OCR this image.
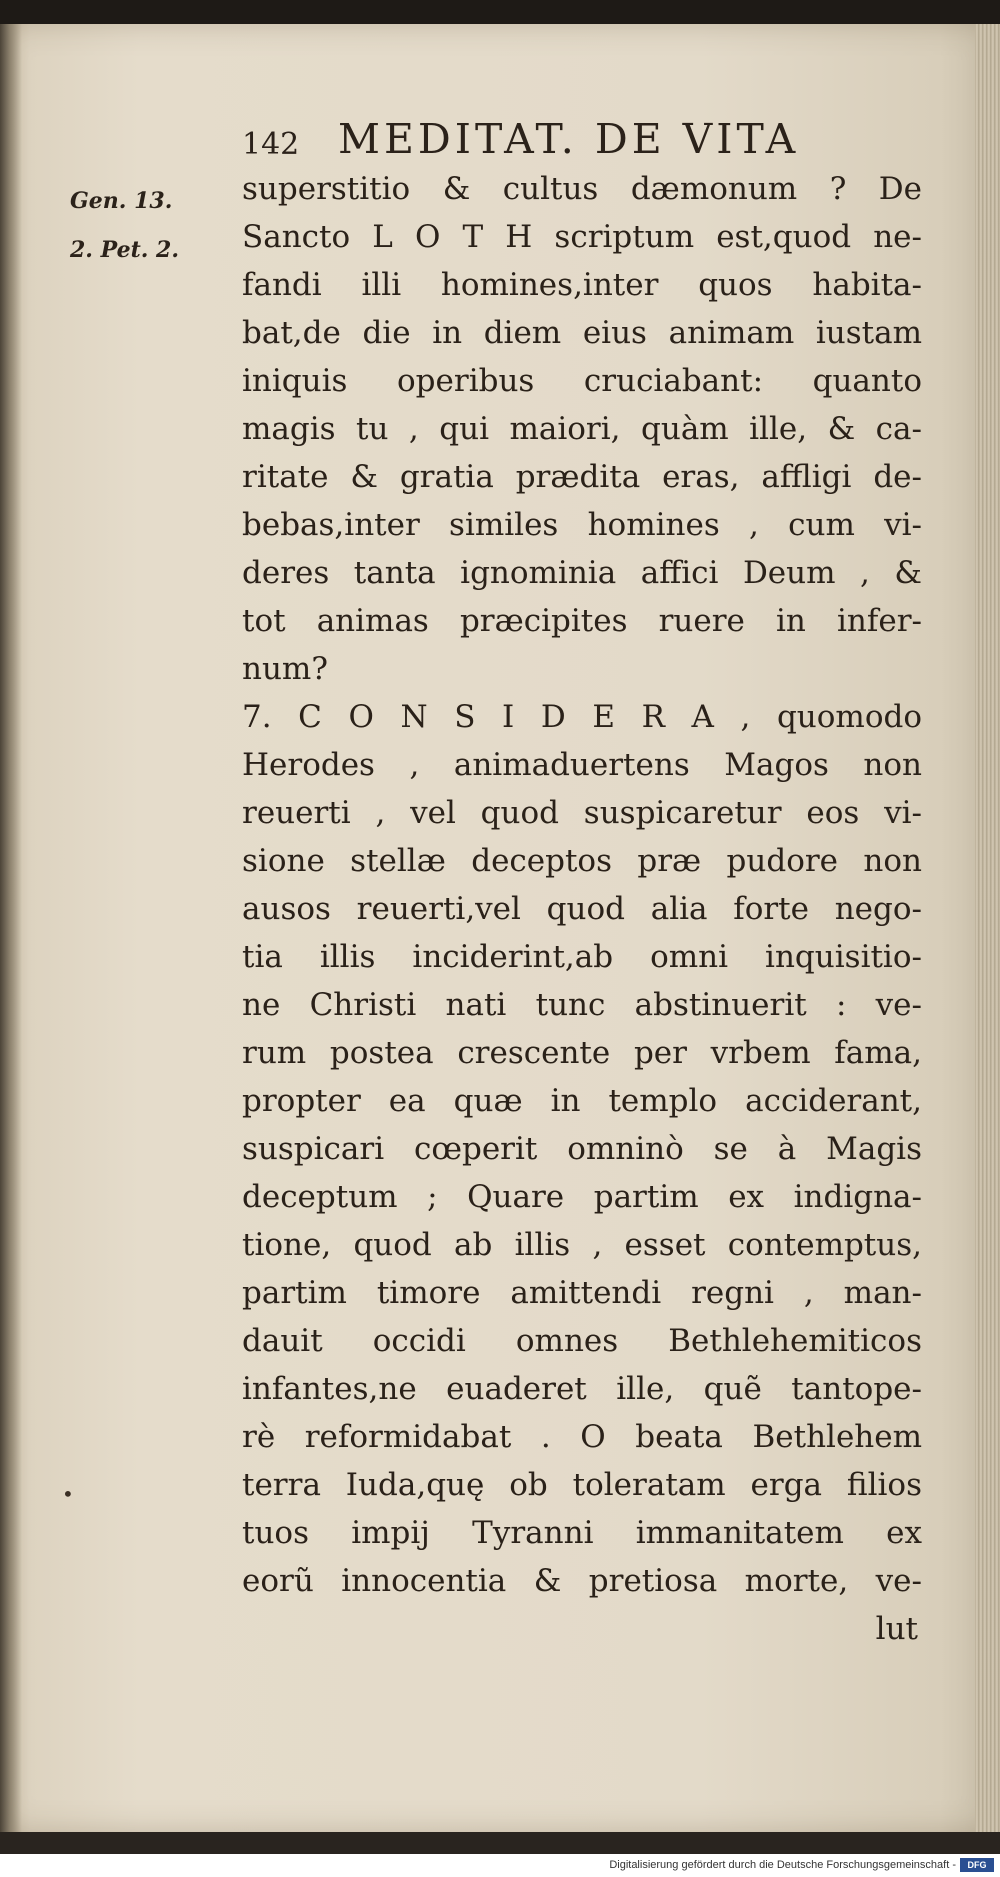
142 MEDITAT. DE VITA
Gen. 13.
2. Pet. 2.
superstitio & cultus dæmonum ? De
Sancto L O T H scriptum est,quod ne-
fandi illi homines,inter quos habita-
bat,de die in diem eius animam iustam
iniquis operibus cruciabant: quanto
magis tu , qui maiori, quàm ille, & ca-
ritate & gratia prædita eras, affligi de-
bebas,inter similes homines , cum vi-
deres tanta ignominia affici Deum , &
tot animas præcipites ruere in infer-
num?
7. C O N S I D E R A , quomodo
Herodes , animaduertens Magos non
reuerti , vel quod suspicaretur eos vi-
sione stellæ deceptos præ pudore non
ausos reuerti,vel quod alia forte nego-
tia illis inciderint,ab omni inquisitio-
ne Christi nati tunc abstinuerit : ve-
rum postea crescente per vrbem fama,
propter ea quæ in templo acciderant,
suspicari cœperit omninò se à Magis
deceptum ; Quare partim ex indigna-
tione, quod ab illis , esset contemptus,
partim timore amittendi regni , man-
dauit occidi omnes Bethlehemiticos
infantes,ne euaderet ille, quẽ tantope-
rè reformidabat . O beata Bethlehem
terra Iuda,quę ob toleratam erga filios
tuos impij Tyranni immanitatem ex
eorũ innocentia & pretiosa morte, ve-
lut
•
Digitalisierung gefördert durch die Deutsche Forschungsgemeinschaft -	DFG
